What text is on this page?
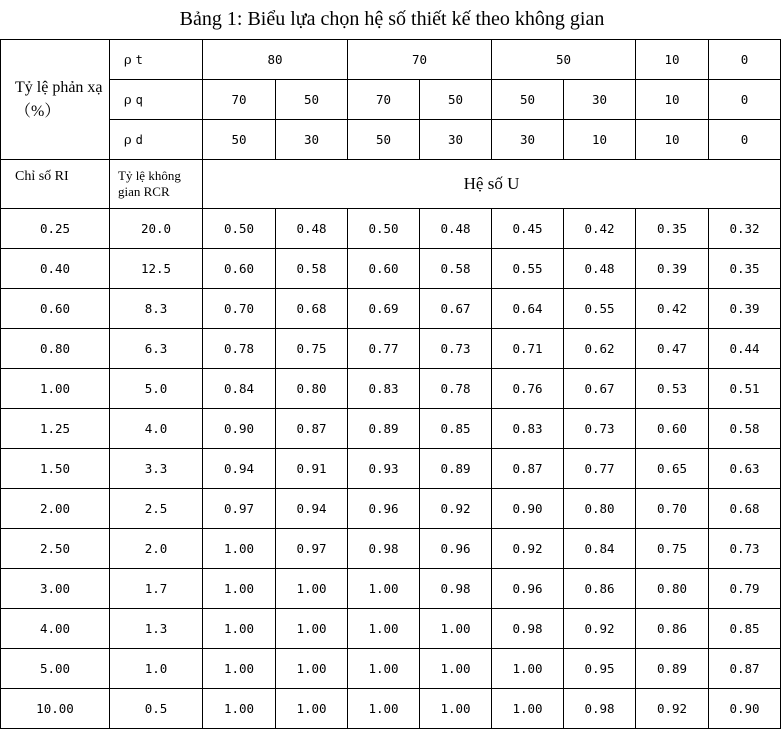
Bảng 1: Biểu lựa chọn hệ số thiết kế theo không gian
Tỷ lệ phản xạ（%）	ρ t	80		70		50		10	0
	ρ q	70	50	70	50	50	30	10	0
	ρ d	50	30	50	30	30	10	10	0
Chỉ số RI	Tỷ lệ không gian RCR	Hệ số U							
0.25	20.0	0.50	0.48	0.50	0.48	0.45	0.42	0.35	0.32
0.40	12.5	0.60	0.58	0.60	0.58	0.55	0.48	0.39	0.35
0.60	8.3	0.70	0.68	0.69	0.67	0.64	0.55	0.42	0.39
0.80	6.3	0.78	0.75	0.77	0.73	0.71	0.62	0.47	0.44
1.00	5.0	0.84	0.80	0.83	0.78	0.76	0.67	0.53	0.51
1.25	4.0	0.90	0.87	0.89	0.85	0.83	0.73	0.60	0.58
1.50	3.3	0.94	0.91	0.93	0.89	0.87	0.77	0.65	0.63
2.00	2.5	0.97	0.94	0.96	0.92	0.90	0.80	0.70	0.68
2.50	2.0	1.00	0.97	0.98	0.96	0.92	0.84	0.75	0.73
3.00	1.7	1.00	1.00	1.00	0.98	0.96	0.86	0.80	0.79
4.00	1.3	1.00	1.00	1.00	1.00	0.98	0.92	0.86	0.85
5.00	1.0	1.00	1.00	1.00	1.00	1.00	0.95	0.89	0.87
10.00	0.5	1.00	1.00	1.00	1.00	1.00	0.98	0.92	0.90
